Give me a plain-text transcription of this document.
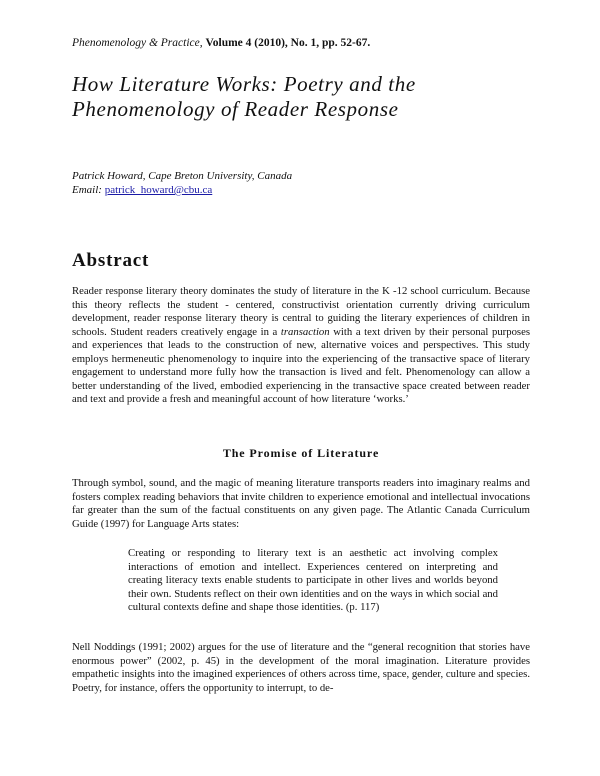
Phenomenology & Practice, Volume 4 (2010), No. 1, pp. 52-67.
How Literature Works: Poetry and the
Phenomenology of Reader Response
Patrick Howard, Cape Breton University, Canada
Email: patrick_howard@cbu.ca
Abstract

Reader response literary theory dominates the study of literature in the K -12 school curriculum. Because this theory reflects the student - centered, constructivist orientation currently driving curriculum development, reader response literary theory is central to guiding the literary experiences of children in schools. Student readers creatively engage in a transaction with a text driven by their personal purposes and experiences that leads to the construction of new, alternative voices and perspectives. This study employs hermeneutic phenomenology to inquire into the experiencing of the transactive space of literary engagement to understand more fully how the transaction is lived and felt. Phenomenology can allow a better understanding of the lived, embodied experiencing in the transactive space created between reader and text and provide a fresh and meaningful account of how literature ‘works.’

The Promise of Literature

Through symbol, sound, and the magic of meaning literature transports readers into imaginary realms and fosters complex reading behaviors that invite children to experience emotional and intellectual invocations far greater than the sum of the factual constituents on any given page. The Atlantic Canada Curriculum Guide (1997) for Language Arts states:

Creating or responding to literary text is an aesthetic act involving complex interactions of emotion and intellect. Experiences centered on interpreting and creating literacy texts enable students to participate in other lives and worlds beyond their own. Students reflect on their own identities and on the ways in which social and cultural contexts define and shape those identities. (p. 117)

Nell Noddings (1991; 2002) argues for the use of literature and the “general recognition that stories have enormous power” (2002, p. 45) in the development of the moral imagination. Literature provides empathetic insights into the imagined experiences of others across time, space, gender, culture and species. Poetry, for instance, offers the opportunity to interrupt, to de-
